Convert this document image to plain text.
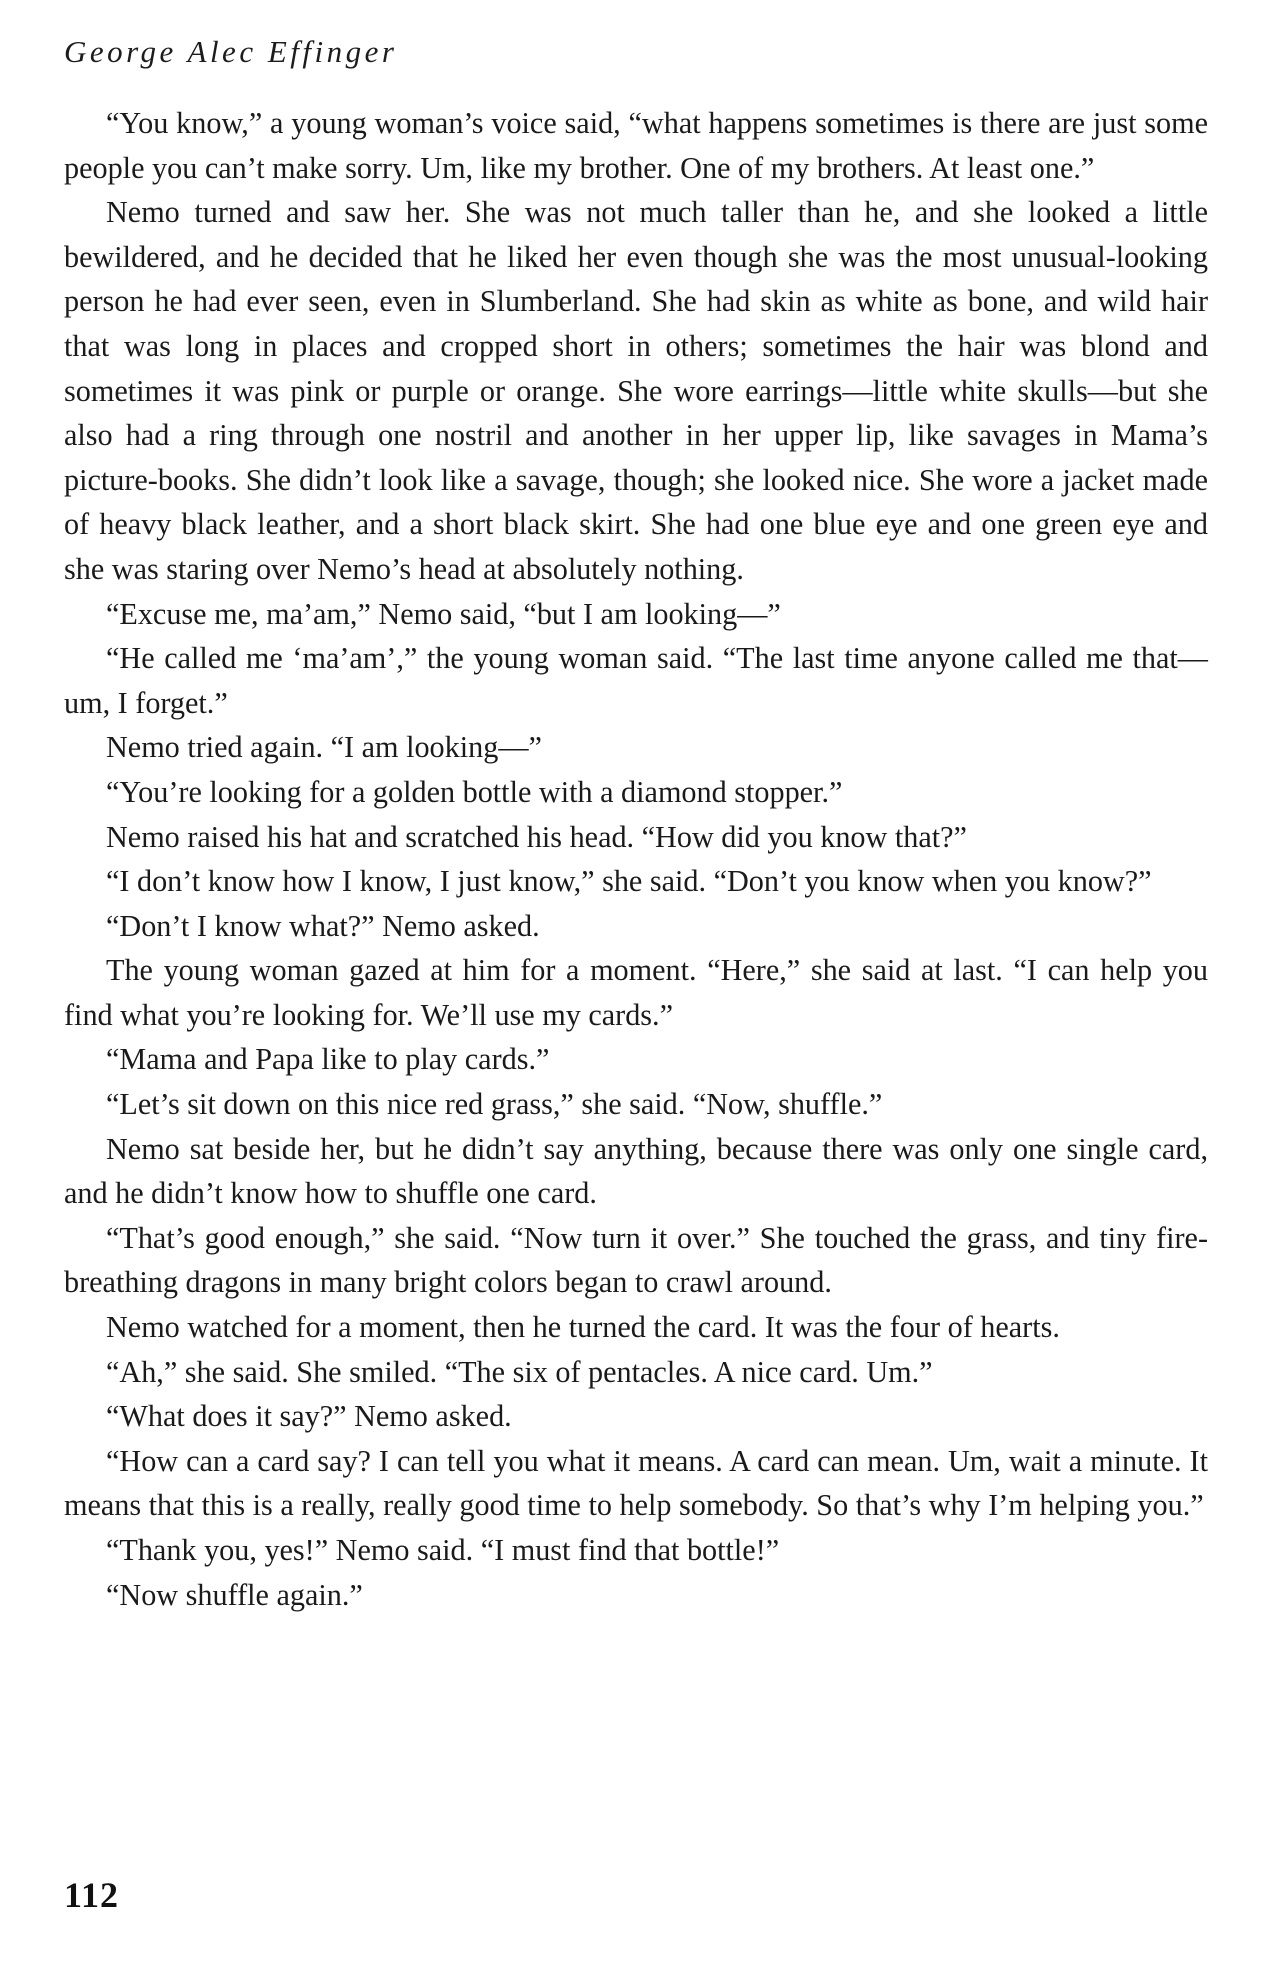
George Alec Effinger

“You know,” a young woman’s voice said, “what happens sometimes is there are just some people you can’t make sorry. Um, like my brother. One of my brothers. At least one.”

Nemo turned and saw her. She was not much taller than he, and she looked a little bewildered, and he decided that he liked her even though she was the most unusual-looking person he had ever seen, even in Slumberland. She had skin as white as bone, and wild hair that was long in places and cropped short in others; sometimes the hair was blond and sometimes it was pink or purple or orange. She wore earrings—little white skulls—but she also had a ring through one nostril and another in her upper lip, like savages in Mama’s picture-books. She didn’t look like a savage, though; she looked nice. She wore a jacket made of heavy black leather, and a short black skirt. She had one blue eye and one green eye and she was staring over Nemo’s head at absolutely nothing.

“Excuse me, ma’am,” Nemo said, “but I am looking—”

“He called me ‘ma’am’,” the young woman said. “The last time anyone called me that—um, I forget.”

Nemo tried again. “I am looking—”

“You’re looking for a golden bottle with a diamond stopper.”

Nemo raised his hat and scratched his head. “How did you know that?”

“I don’t know how I know, I just know,” she said. “Don’t you know when you know?”

“Don’t I know what?” Nemo asked.

The young woman gazed at him for a moment. “Here,” she said at last. “I can help you find what you’re looking for. We’ll use my cards.”

“Mama and Papa like to play cards.”

“Let’s sit down on this nice red grass,” she said. “Now, shuffle.”

Nemo sat beside her, but he didn’t say anything, because there was only one single card, and he didn’t know how to shuffle one card.

“That’s good enough,” she said. “Now turn it over.” She touched the grass, and tiny fire-breathing dragons in many bright colors began to crawl around.

Nemo watched for a moment, then he turned the card. It was the four of hearts.

“Ah,” she said. She smiled. “The six of pentacles. A nice card. Um.”

“What does it say?” Nemo asked.

“How can a card say? I can tell you what it means. A card can mean. Um, wait a minute. It means that this is a really, really good time to help somebody. So that’s why I’m helping you.”

“Thank you, yes!” Nemo said. “I must find that bottle!”

“Now shuffle again.”

112
